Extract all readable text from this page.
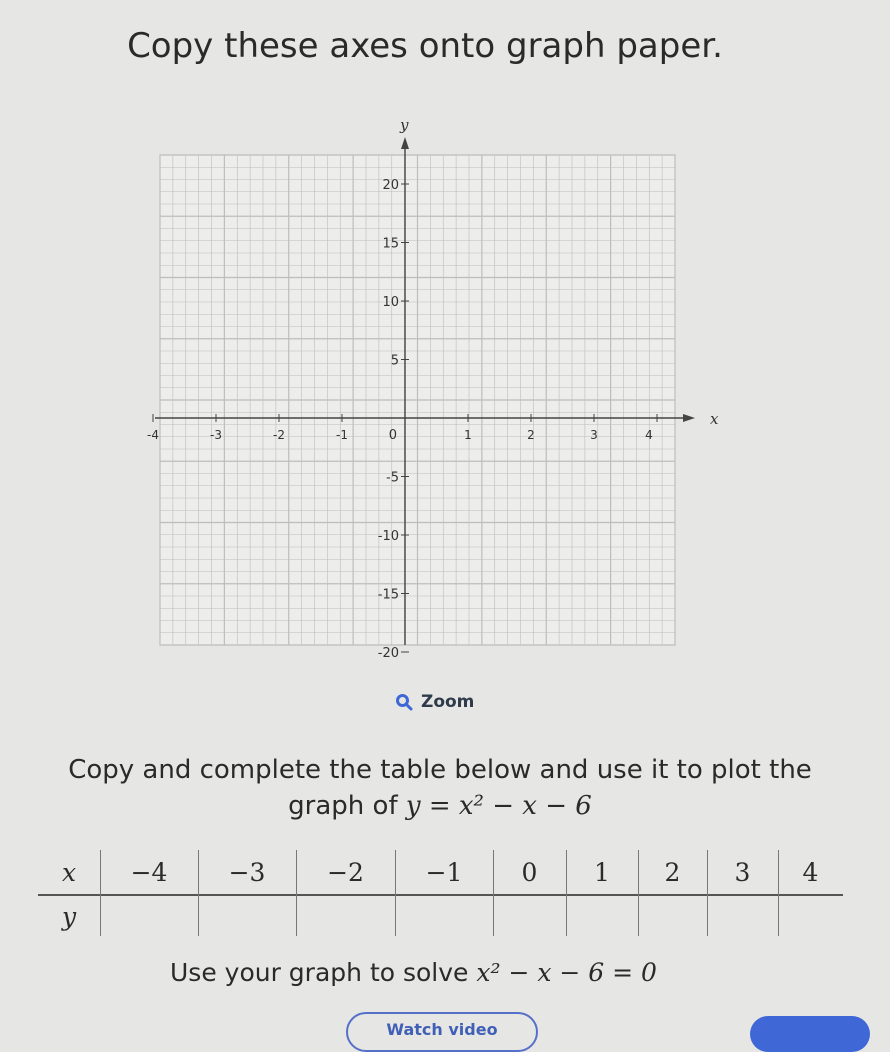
Copy these axes onto graph paper.
x
y
-4	-3	-2	-1	1	2	3	4
20
15
10
5
0
-5
-10
-15
-20
Zoom
Copy and complete the table below and use it to plot the
graph of y = x² − x − 6
x	−4	−3	−2	−1	0	1	2	3	4
y
Use your graph to solve x² − x − 6 = 0
Watch video
